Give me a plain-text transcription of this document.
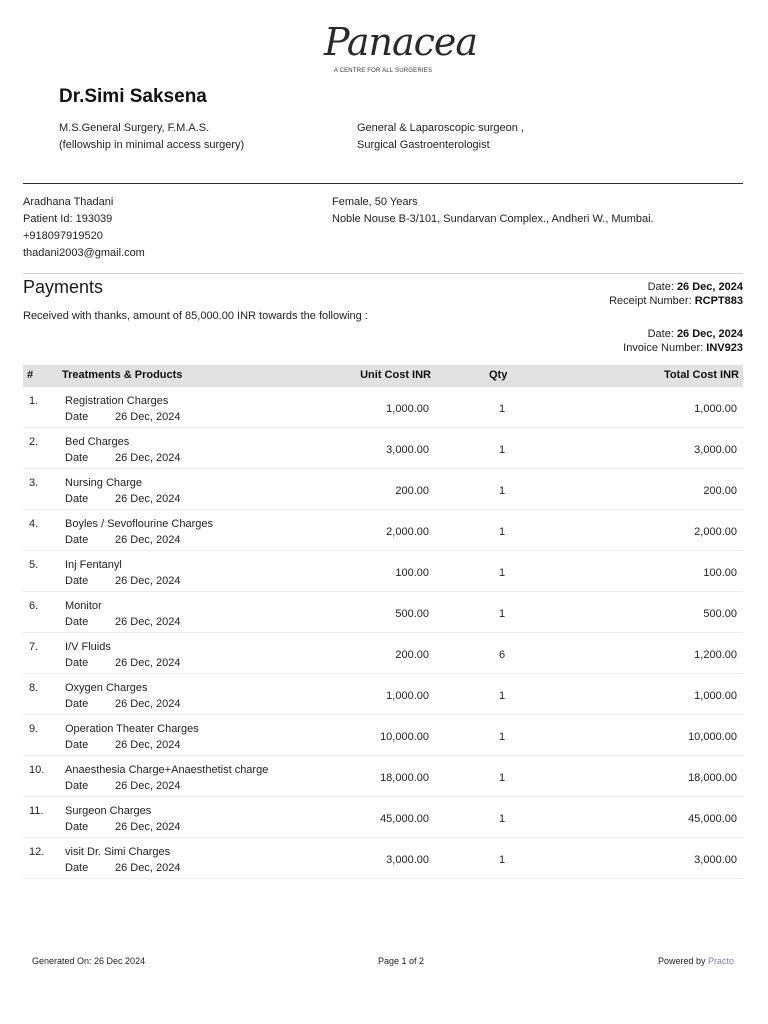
Panacea
A CENTRE FOR ALL SURGERIES
Dr.Simi Saksena
M.S.General Surgery, F.M.A.S.
(fellowship in minimal access surgery)
General & Laparoscopic surgeon ,
Surgical Gastroenterologist
Aradhana Thadani
Patient Id: 193039
+918097919520
thadani2003@gmail.com
Female, 50 Years
Noble Nouse B-3/101, Sundarvan Complex., Andheri W., Mumbai.
Payments	Date: 26 Dec, 2024
Receipt Number: RCPT883
Received with thanks, amount of 85,000.00 INR towards the following :
Date: 26 Dec, 2024
Invoice Number: INV923
#	Treatments & Products	Unit Cost INR	Qty	Total Cost INR
1. Registration Charges
Date 26 Dec, 2024
1,000.00	1	1,000.00
2. Bed Charges
Date 26 Dec, 2024
3,000.00	1	3,000.00
3. Nursing Charge
Date 26 Dec, 2024
200.00	1	200.00
4. Boyles / Sevoflourine Charges
Date 26 Dec, 2024
2,000.00	1	2,000.00
5. Inj Fentanyl
Date 26 Dec, 2024
100.00	1	100.00
6. Monitor
Date 26 Dec, 2024
500.00	1	500.00
7. I/V Fluids
Date 26 Dec, 2024
200.00	6	1,200.00
8. Oxygen Charges
Date 26 Dec, 2024
1,000.00	1	1,000.00
9. Operation Theater Charges
Date 26 Dec, 2024
10,000.00	1	10,000.00
10. Anaesthesia Charge+Anaesthetist charge
Date 26 Dec, 2024
18,000.00	1	18,000.00
11. Surgeon Charges
Date 26 Dec, 2024
45,000.00	1	45,000.00
12. visit Dr. Simi Charges
Date 26 Dec, 2024
3,000.00	1	3,000.00
Generated On: 26 Dec 2024	Page 1 of 2	Powered by Practo
